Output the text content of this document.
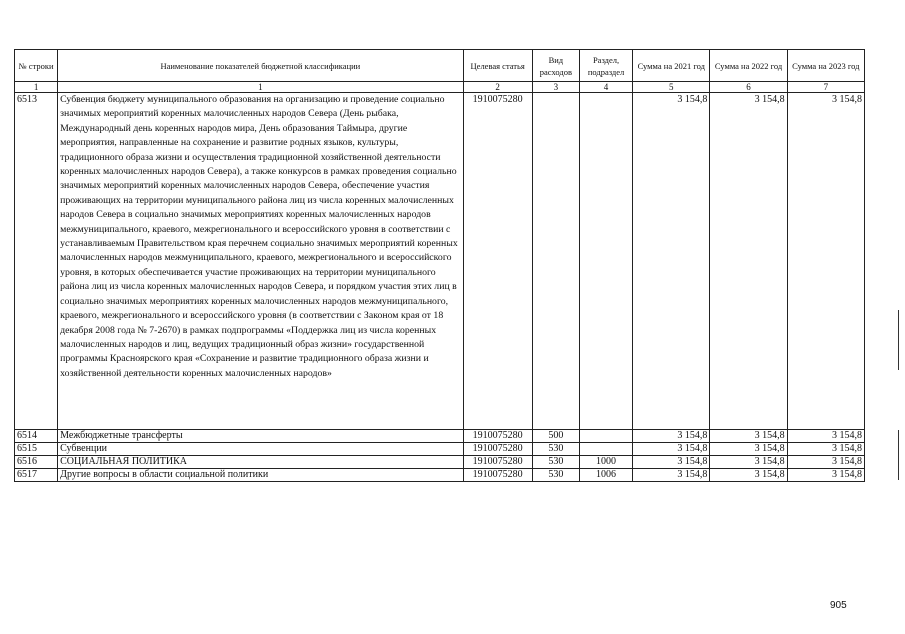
№ строки	Наименование показателей бюджетной классификации	Целевая статья	Вид расходов	Раздел, подраздел	Сумма на 2021 год	Сумма на 2022 год	Сумма на 2023 год
1	1	2	3	4	5	6	7
6513	Субвенция бюджету муниципального образования на организацию и проведение социально значимых мероприятий коренных малочисленных народов Севера (День рыбака, Международный день коренных народов мира, День образования Таймыра, другие мероприятия, направленные на сохранение и развитие родных языков, культуры, традиционного образа жизни и осуществления традиционной хозяйственной деятельности коренных малочисленных народов Севера), а также конкурсов в рамках проведения социально значимых мероприятий коренных малочисленных народов Севера, обеспечение участия проживающих на территории муниципального района лиц из числа коренных малочисленных народов Севера в социально значимых мероприятиях коренных малочисленных народов межмуниципального, краевого, межрегионального и всероссийского уровня в соответствии с устанавливаемым Правительством края перечнем социально значимых мероприятий коренных малочисленных народов межмуниципального, краевого, межрегионального и всероссийского уровня, в которых обеспечивается участие проживающих на территории муниципального района лиц из числа коренных малочисленных народов Севера, и порядком участия этих лиц в социально значимых мероприятиях коренных малочисленных народов межмуниципального, краевого, межрегионального и всероссийского уровня (в соответствии с Законом края от 18 декабря 2008 года № 7-2670) в рамках подпрограммы «Поддержка лиц из числа коренных малочисленных народов и лиц, ведущих традиционный образ жизни» государственной программы Красноярского края «Сохранение и развитие традиционного образа жизни и хозяйственной деятельности коренных малочисленных народов»	1910075280			3 154,8	3 154,8	3 154,8
6514	Межбюджетные трансферты	1910075280	500		3 154,8	3 154,8	3 154,8
6515	Субвенции	1910075280	530		3 154,8	3 154,8	3 154,8
6516	СОЦИАЛЬНАЯ ПОЛИТИКА	1910075280	530	1000	3 154,8	3 154,8	3 154,8
6517	Другие вопросы в области социальной политики	1910075280	530	1006	3 154,8	3 154,8	3 154,8
905
